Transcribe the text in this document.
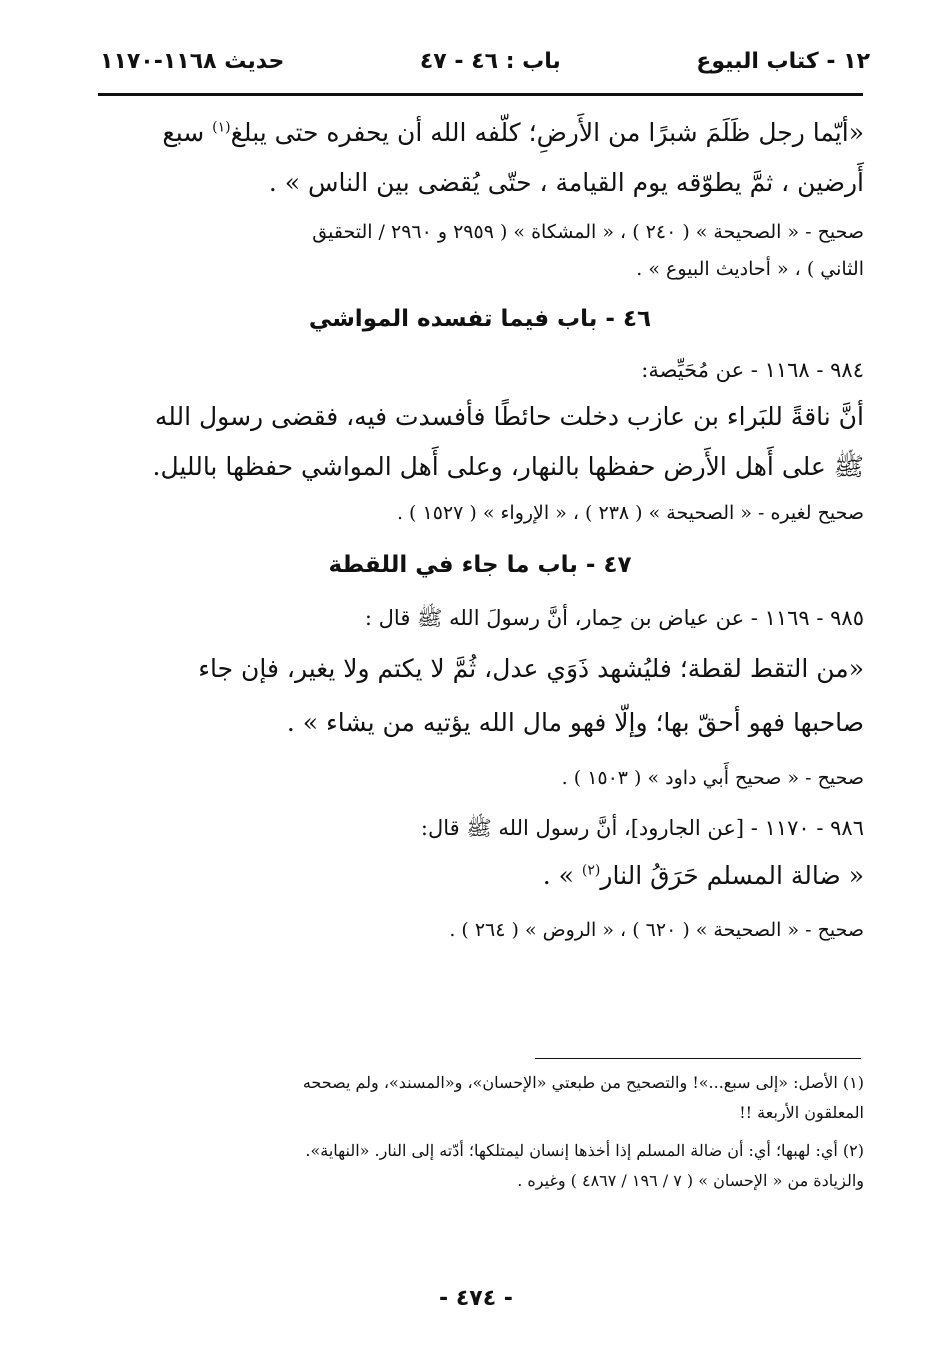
١٢ - كتاب البيوع
باب : ٤٦ - ٤٧
حديث ١١٦٨-١١٧٠

«أيّما رجل ظَلَمَ شبرًا من الأَرضِ؛ كلّفه الله أن يحفره حتى يبلغ$^{(١)}$ سبع

أَرضين ، ثمَّ يطوّقه يوم القيامة ، حتّى يُقضى بين الناس » .

صحيح - « الصحيحة » ( ٢٤٠ ) ، « المشكاة » ( ٢٩٥٩ و ٢٩٦٠ / التحقيق

الثاني ) ، « أحاديث البيوع » .

٤٦ - باب فيما تفسده المواشي

٩٨٤ - ١١٦٨ - عن مُحَيِّصة:

أنَّ ناقةً للبَراء بن عازب دخلت حائطًا فأفسدت فيه، فقضى رسول الله

ﷺ على أَهل الأَرض حفظها بالنهار، وعلى أَهل المواشي حفظها بالليل.

صحيح لغيره - « الصحيحة » ( ٢٣٨ ) ، « الإرواء » ( ١٥٢٧ ) .

٤٧ - باب ما جاء في اللقطة

٩٨٥ - ١١٦٩ - عن عياض بن حِمار، أنَّ رسولَ الله ﷺ قال :

«من التقط لقطة؛ فليُشهد ذَوَي عدل، ثُمَّ لا يكتم ولا يغير، فإن جاء

صاحبها فهو أحقّ بها؛ وإلّا فهو مال الله يؤتيه من يشاء » .

صحيح - « صحيح أَبي داود » ( ١٥٠٣ ) .

٩٨٦ - ١١٧٠ - [عن الجارود]، أنَّ رسول الله ﷺ قال:

« ضالة المسلم حَرَقُ النار$^{(٢)}$ » .

صحيح - « الصحيحة » ( ٦٢٠ ) ، « الروض » ( ٢٦٤ ) .

(١) الأصل: «إلى سبع...»! والتصحيح من طبعتي «الإحسان»، و«المسند»، ولم يصححه

المعلقون الأربعة !!

(٢) أي: لهبها؛ أي: أن ضالة المسلم إذا أخذها إنسان ليمتلكها؛ أدّته إلى النار. «النهاية».

والزيادة من « الإحسان » ( ٧ / ١٩٦ / ٤٨٦٧ ) وغيره .

- ٤٧٤ -
